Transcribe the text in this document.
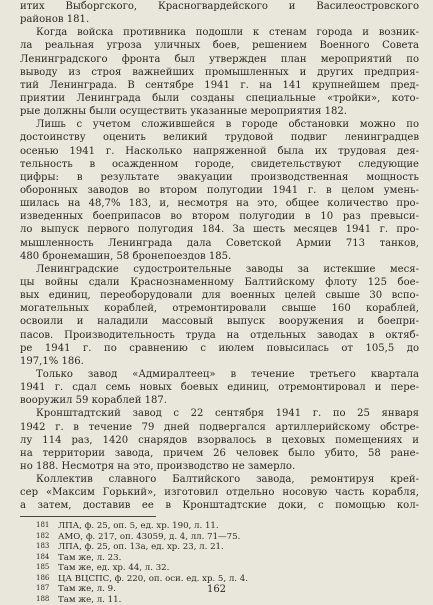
итих Выборгского, Красногвардейского и Василеостровского
районов 181.
Когда войска противника подошли к стенам города и возник-
ла реальная угроза уличных боев, решением Военного Совета
Ленинградского фронта был утвержден план мероприятий по
выводу из строя важнейших промышленных и других предприя-
тий Ленинграда. В сентябре 1941 г. на 141 крупнейшем пред-
приятии Ленинграда были созданы специальные «тройки», кото-
рые должны были осуществить указанные мероприятия 182.
Лишь с учетом сложившейся в городе обстановки можно по
достоинству оценить великий трудовой подвиг ленинградцев
осенью 1941 г. Насколько напряженной была их трудовая дея-
тельность в осажденном городе, свидетельствуют следующие
цифры: в результате эвакуации производственная мощность
оборонных заводов во втором полугодии 1941 г. в целом умень-
шилась на 48,7% 183, и, несмотря на это, общее количество про-
изведенных боеприпасов во втором полугодии в 10 раз превыси-
ло выпуск первого полугодия 184. За шесть месяцев 1941 г. про-
мышленность Ленинграда дала Советской Армии 713 танков,
480 бронемашин, 58 бронепоездов 185.
Ленинградские судостроительные заводы за истекшие меся-
цы войны сдали Краснознаменному Балтийскому флоту 125 бое-
вых единиц, переоборудовали для военных целей свыше 30 вспо-
могательных кораблей, отремонтировали свыше 160 кораблей,
освоили и наладили массовый выпуск вооружения и боепри-
пасов. Производительность труда на отдельных заводах в октяб-
ре 1941 г. по сравнению с июлем повысилась от 105,5 до
197,1% 186.
Только завод «Адмиралтеец» в течение третьего квартала
1941 г. сдал семь новых боевых единиц, отремонтировал и пере-
вооружил 59 кораблей 187.
Кронштадтский завод с 22 сентября 1941 г. по 25 января
1942 г. в течение 79 дней подвергался артиллерийскому обстре-
лу 114 раз, 1420 снарядов взорвалось в цеховых помещениях и
на территории завода, причем 26 человек было убито, 58 ране-
но 188. Несмотря на это, производство не замерло.
Коллектив славного Балтийского завода, ремонтируя крей-
сер «Максим Горький», изготовил отдельно носовую часть корабля,
а затем, доставив ее в Кронштадтские доки, с помощью кол-
181 ЛПА, ф. 25, оп. 5, ед. хр. 190, л. 11.
182 АМО, ф. 217, оп. 43059, д. 4, лл. 71—75.
183 ЛПА, ф. 25, оп. 13а, ед. хр. 23, л. 21.
184 Там же, л. 23.
185 Там же, ед. хр. 44, л. 32.
186 ЦА ВЦСПС, ф. 220, оп. оси. ед. хр. 5, л. 4.
187 Там же, л. 9.
188 Там же, л. 11.
162
